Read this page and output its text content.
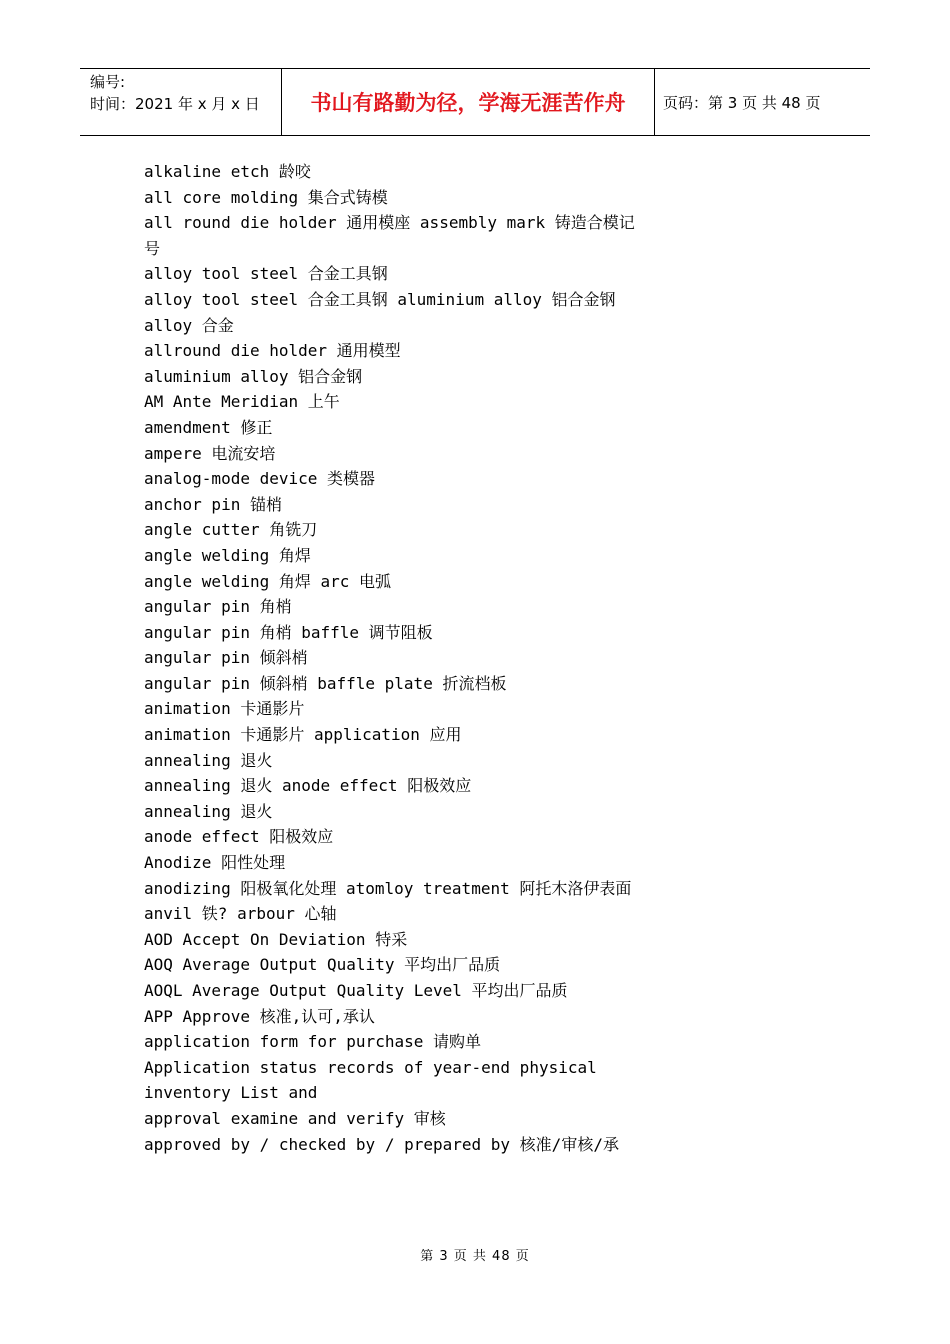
编号:
时间：2021 年 x 月 x 日	书山有路勤为径，学海无涯苦作舟	页码：第 3 页 共 48 页

alkaline etch 龄咬

all core molding 集合式铸模

all round die holder 通用模座 assembly mark 铸造合模记号

alloy tool steel 合金工具钢

alloy tool steel 合金工具钢 aluminium alloy 铝合金钢

alloy 合金

allround die holder 通用模型

aluminium alloy 铝合金钢

AM Ante Meridian 上午

amendment 修正

ampere 电流安培

analog-mode device 类模器

anchor pin 锚梢

angle cutter 角铣刀

angle welding 角焊

angle welding 角焊 arc 电弧

angular pin 角梢

angular pin 角梢 baffle 调节阻板

angular pin 倾斜梢

angular pin 倾斜梢 baffle plate 折流档板

animation 卡通影片

animation 卡通影片 application 应用

annealing 退火

annealing 退火 anode effect 阳极效应

annealing 退火

anode effect 阳极效应

Anodize 阳性处理

anodizing 阳极氧化处理 atomloy treatment 阿托木洛伊表面

anvil 铁? arbour 心轴

AOD Accept On Deviation 特采

AOQ Average Output Quality 平均出厂品质

AOQL Average Output Quality Level 平均出厂品质

APP Approve 核准,认可,承认

application form for purchase 请购单

Application status records of year-end physical inventory List and

approval examine and verify 审核

approved by / checked by / prepared by 核准/审核/承

第 3 页 共 48 页
